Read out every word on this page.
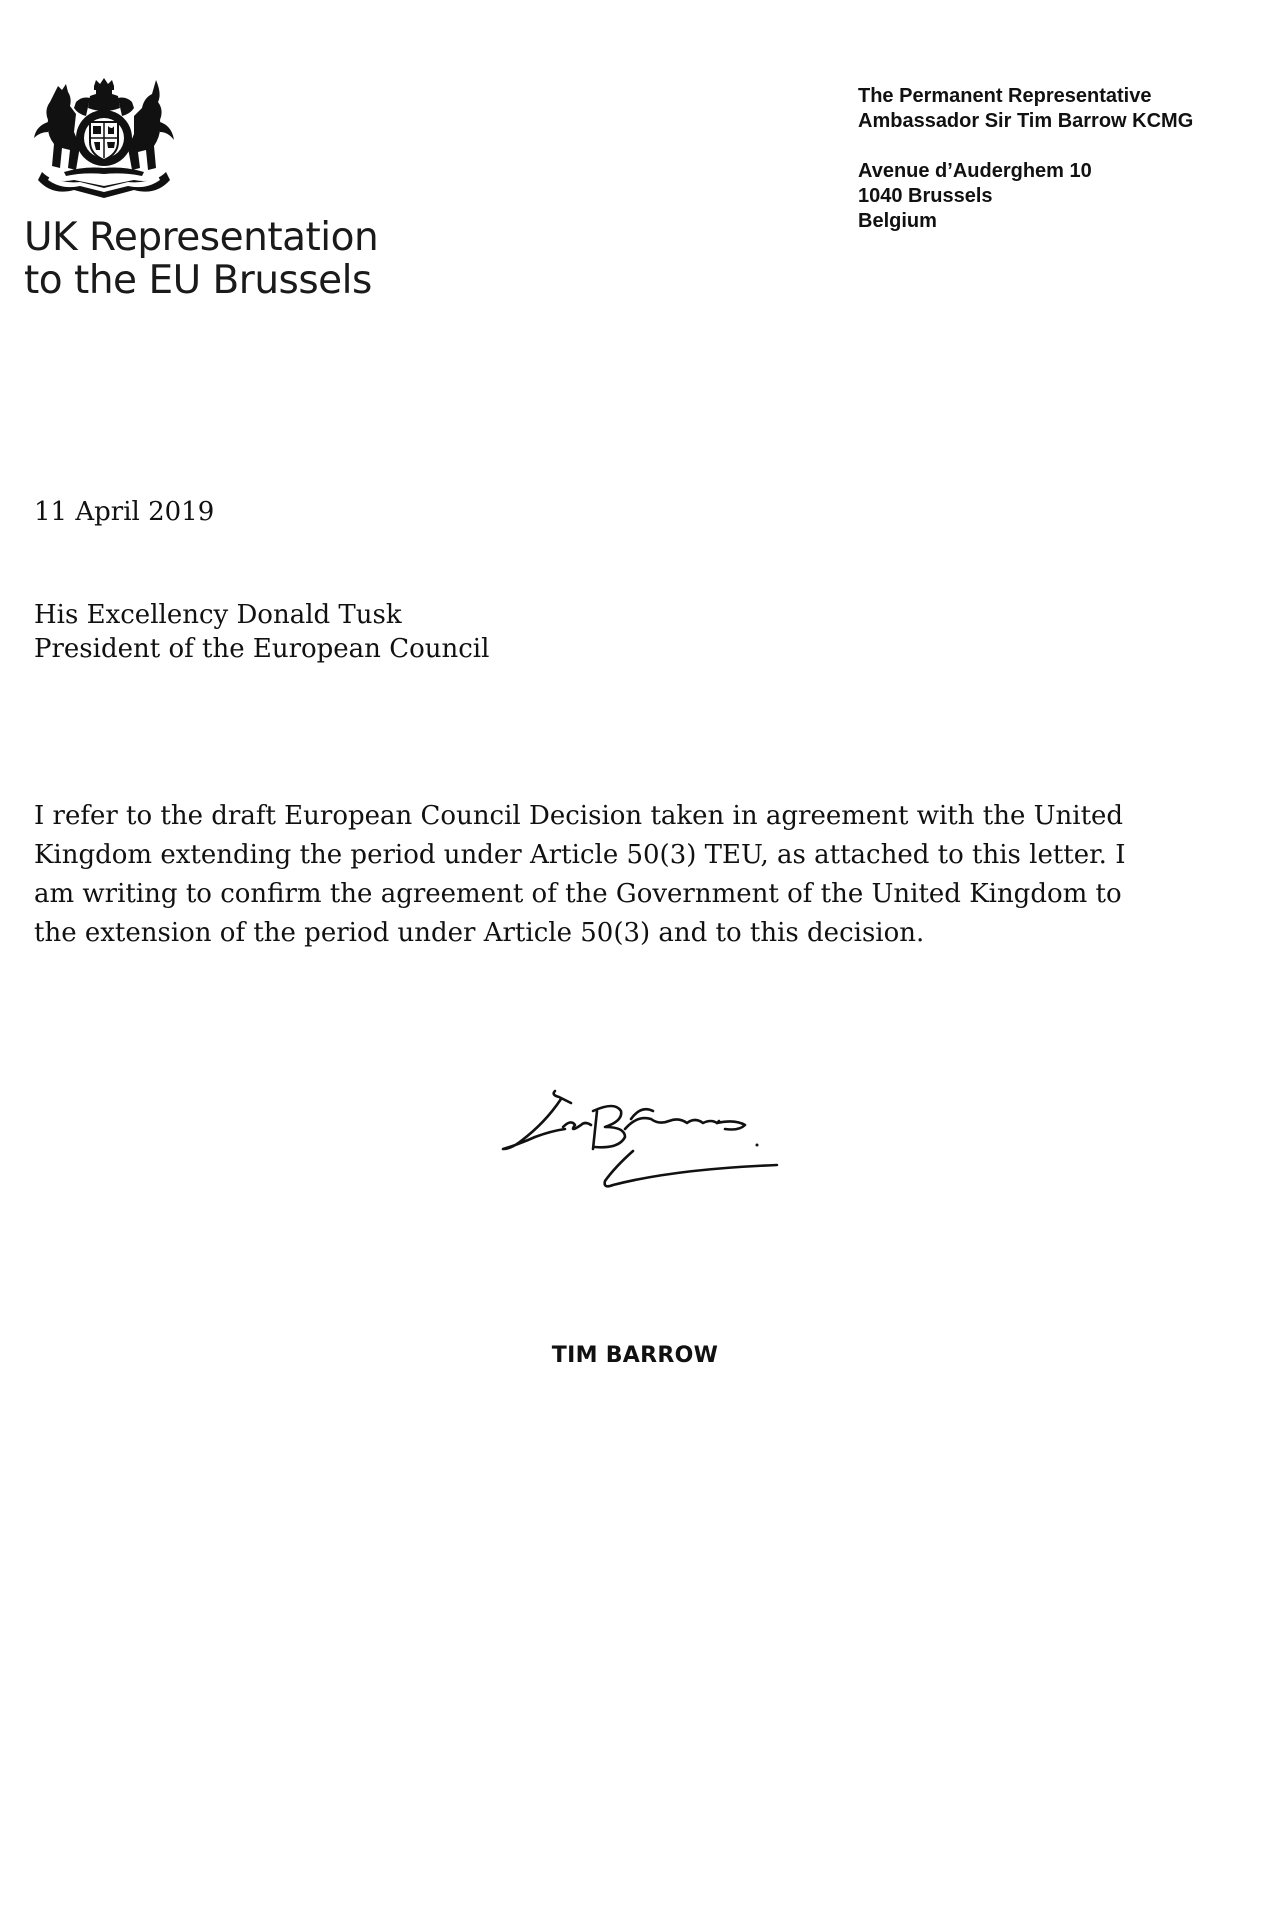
UK Representation
to the EU Brussels
The Permanent Representative
Ambassador Sir Tim Barrow KCMG
Avenue d’Auderghem 10
1040 Brussels
Belgium
11 April 2019
His Excellency Donald Tusk
President of the European Council
I refer to the draft European Council Decision taken in agreement with the United
Kingdom extending the period under Article 50(3) TEU, as attached to this letter. I
am writing to confirm the agreement of the Government of the United Kingdom to
the extension of the period under Article 50(3) and to this decision.
TIM BARROW
